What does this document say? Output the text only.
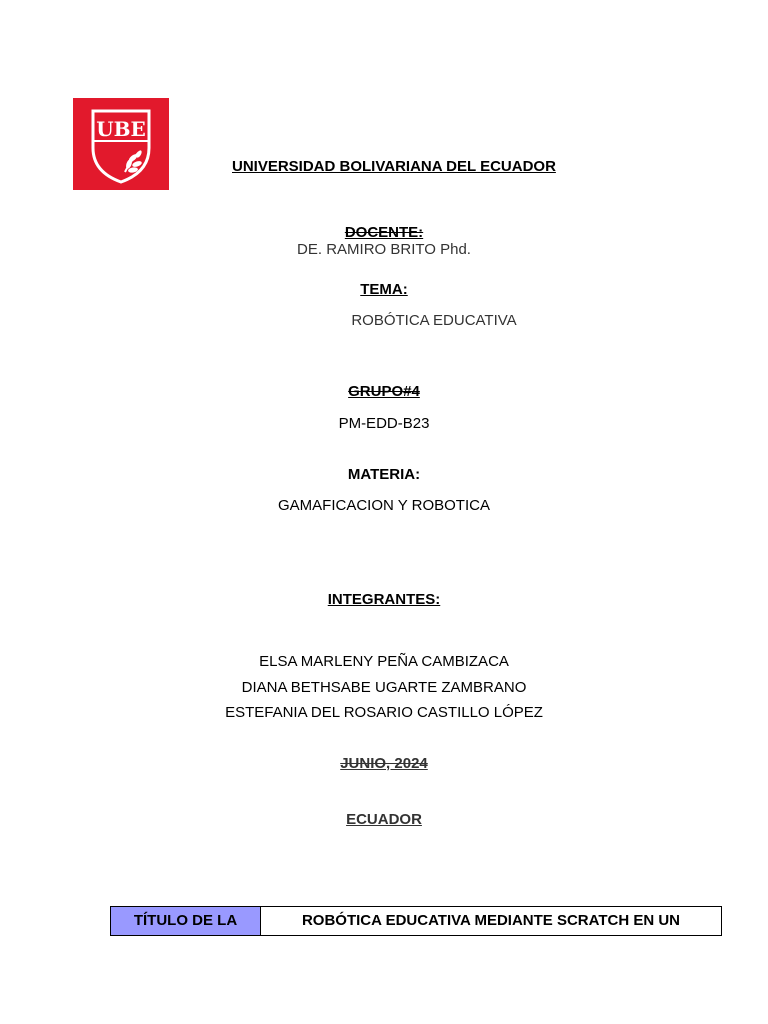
UBE
UNIVERSIDAD BOLIVARIANA DEL ECUADOR
DOCENTE:
DE. RAMIRO BRITO Phd.
TEMA:
ROBÓTICA EDUCATIVA
GRUPO#4
PM-EDD-B23
MATERIA:
GAMAFICACION Y ROBOTICA
INTEGRANTES:
ELSA MARLENY PEÑA CAMBIZACA
DIANA BETHSABE UGARTE ZAMBRANO
ESTEFANIA DEL ROSARIO CASTILLO LÓPEZ
JUNIO, 2024
ECUADOR
TÍTULO DE LA	ROBÓTICA EDUCATIVA MEDIANTE SCRATCH EN UN
